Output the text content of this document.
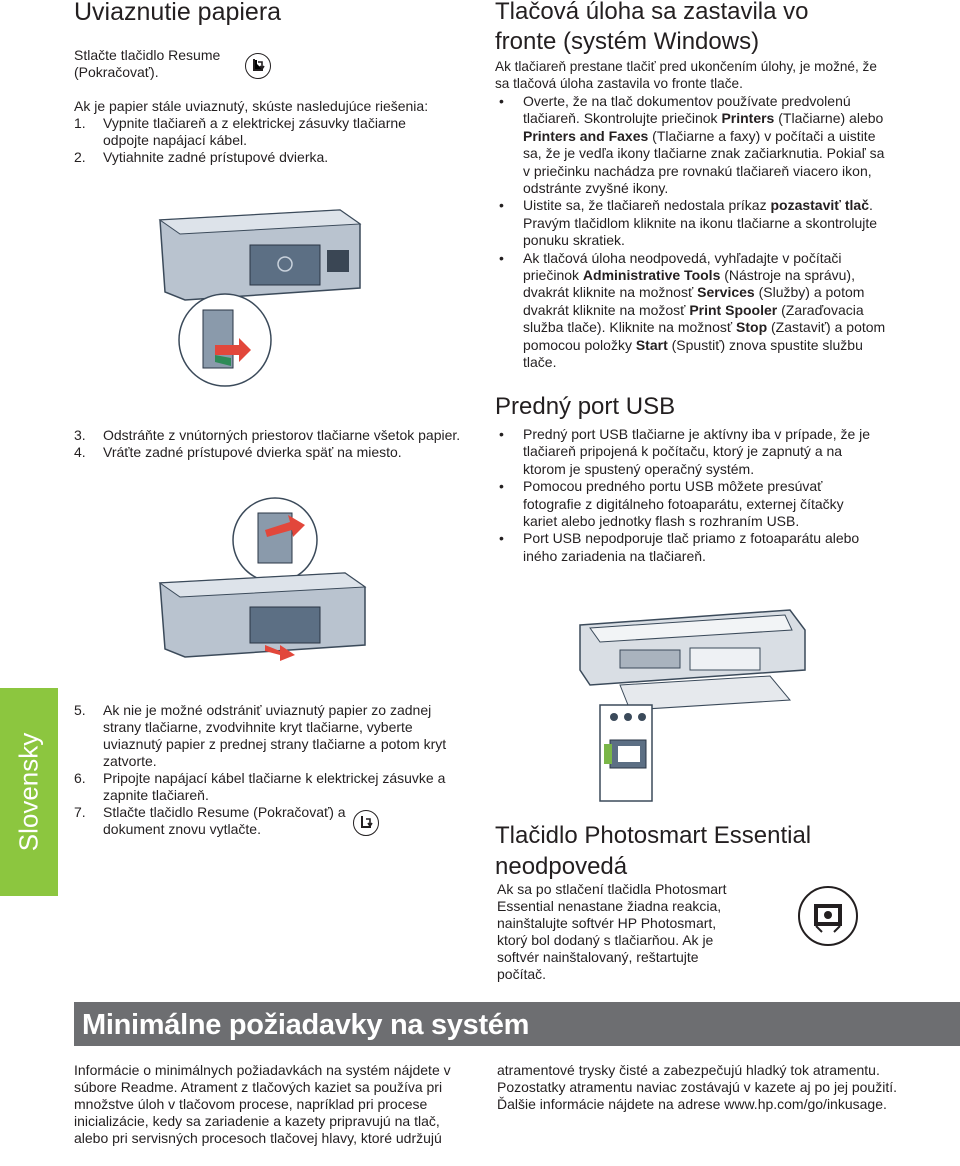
Uviaznutie papiera

Stlačte tlačidlo Resume (Pokračovať).

Ak je papier stále uviaznutý, skúste nasledujúce riešenia:

1.	Vypnite tlačiareň a z elektrickej zásuvky tlačiarne odpojte napájací kábel.
2.	Vytiahnite zadné prístupové dvierka.
3.	Odstráňte z vnútorných priestorov tlačiarne všetok papier.
4.	Vráťte zadné prístupové dvierka späť na miesto.
Slovensky
5.	Ak nie je možné odstrániť uviaznutý papier zo zadnej strany tlačiarne, zvodvihnite kryt tlačiarne, vyberte uviaznutý papier z prednej strany tlačiarne a potom kryt zatvorte.
6.	Pripojte napájací kábel tlačiarne k elektrickej zásuvke a zapnite tlačiareň.
7.	Stlačte tlačidlo Resume (Pokračovať) a dokument znovu vytlačte.
Tlačová úloha sa zastavila vo fronte (systém Windows)

Ak tlačiareň prestane tlačiť pred ukončením úlohy, je možné, že sa tlačová úloha zastavila vo fronte tlače.

• Overte, že na tlač dokumentov používate predvolenú tlačiareň. Skontrolujte priečinok Printers (Tlačiarne) alebo Printers and Faxes (Tlačiarne a faxy) v počítači a uistite sa, že je vedľa ikony tlačiarne znak začiarknutia. Pokiaľ sa v priečinku nachádza pre rovnakú tlačiareň viacero ikon, odstránte zvyšné ikony.
• Uistite sa, že tlačiareň nedostala príkaz pozastaviť tlač. Pravým tlačidlom kliknite na ikonu tlačiarne a skontrolujte ponuku skratiek.
• Ak tlačová úloha neodpovedá, vyhľadajte v počítači priečinok Administrative Tools (Nástroje na správu), dvakrát kliknite na možnosť Services (Služby) a potom dvakrát kliknite na možosť Print Spooler (Zaraďovacia služba tlače). Kliknite na možnosť Stop (Zastaviť) a potom pomocou položky Start (Spustiť) znova spustite službu tlače.
Predný port USB
• Predný port USB tlačiarne je aktívny iba v prípade, že je tlačiareň pripojená k počítaču, ktorý je zapnutý a na ktorom je spustený operačný systém.
• Pomocou predného portu USB môžete presúvať fotografie z digitálneho fotoaparátu, externej čítačky kariet alebo jednotky flash s rozhraním USB.
• Port USB nepodporuje tlač priamo z fotoaparátu alebo iného zariadenia na tlačiareň.
Tlačidlo Photosmart Essential neodpovedá

Ak sa po stlačení tlačidla Photosmart Essential nenastane žiadna reakcia, nainštalujte softvér HP Photosmart, ktorý bol dodaný s tlačiarňou. Ak je softvér nainštalovaný, reštartujte počítač.

Minimálne požiadavky na systém

Informácie o minimálnych požiadavkách na systém nájdete v súbore Readme. Atrament z tlačových kaziet sa používa pri množstve úloh v tlačovom procese, napríklad pri procese inicializácie, kedy sa zariadenie a kazety pripravujú na tlač, alebo pri servisných procesoch tlačovej hlavy, ktoré udržujú

atramentové trysky čisté a zabezpečujú hladký tok atramentu. Pozostatky atramentu naviac zostávajú v kazete aj po jej použití. Ďalšie informácie nájdete na adrese www.hp.com/go/inkusage.
